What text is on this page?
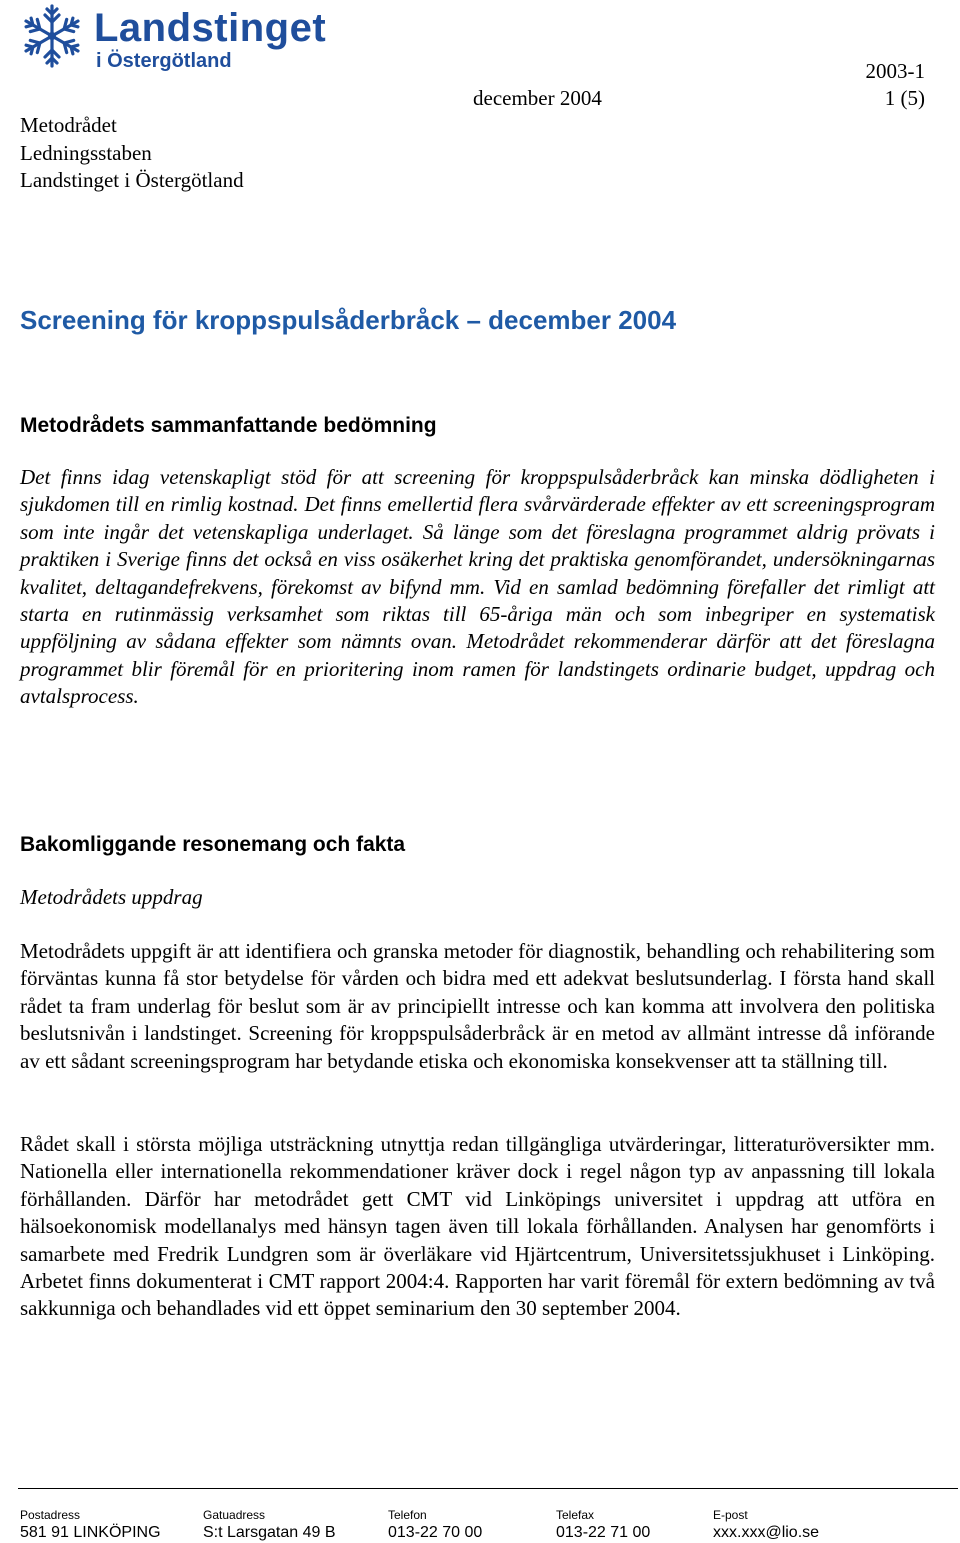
Landstinget
i Östergötland	2003-1
december 2004	1 (5)
Metodrådet
Ledningsstaben
Landstinget i Östergötland
Screening för kroppspulsåderbråck – december 2004
Metodrådets sammanfattande bedömning
Det finns idag vetenskapligt stöd för att screening för kroppspulsåderbråck kan minska dödligheten i sjukdomen till en rimlig kostnad. Det finns emellertid flera svårvärderade effekter av ett screeningsprogram som inte ingår det vetenskapliga underlaget. Så länge som det föreslagna programmet aldrig prövats i praktiken i Sverige finns det också en viss osäkerhet kring det praktiska genomförandet, undersökningarnas kvalitet, deltagandefrekvens, förekomst av bifynd mm. Vid en samlad bedömning förefaller det rimligt att starta en rutinmässig verksamhet som riktas till 65-åriga män och som inbegriper en systematisk uppföljning av sådana effekter som nämnts ovan. Metodrådet rekommenderar därför att det föreslagna programmet blir föremål för en prioritering inom ramen för landstingets ordinarie budget, uppdrag och avtalsprocess.
Bakomliggande resonemang och fakta
Metodrådets uppdrag
Metodrådets uppgift är att identifiera och granska metoder för diagnostik, behandling och rehabilitering som förväntas kunna få stor betydelse för vården och bidra med ett adekvat beslutsunderlag. I första hand skall rådet ta fram underlag för beslut som är av principiellt intresse och kan komma att involvera den politiska beslutsnivån i landstinget. Screening för kroppspulsåderbråck är en metod av allmänt intresse då införande av ett sådant screeningsprogram har betydande etiska och ekonomiska konsekvenser att ta ställning till.
Rådet skall i största möjliga utsträckning utnyttja redan tillgängliga utvärderingar, litteraturöversikter mm. Nationella eller internationella rekommendationer kräver dock i regel någon typ av anpassning till lokala förhållanden. Därför har metodrådet gett CMT vid Linköpings universitet i uppdrag att utföra en hälsoekonomisk modellanalys med hänsyn tagen även till lokala förhållanden. Analysen har genomförts i samarbete med Fredrik Lundgren som är överläkare vid Hjärtcentrum, Universitetssjukhuset i Linköping. Arbetet finns dokumenterat i CMT rapport 2004:4. Rapporten har varit föremål för extern bedömning av två sakkunniga och behandlades vid ett öppet seminarium den 30 september 2004.
Postadress	Gatuadress	Telefon	Telefax	E-post
581 91 LINKÖPING	S:t Larsgatan 49 B	013-22 70 00	013-22 71 00	xxx.xxx@lio.se
